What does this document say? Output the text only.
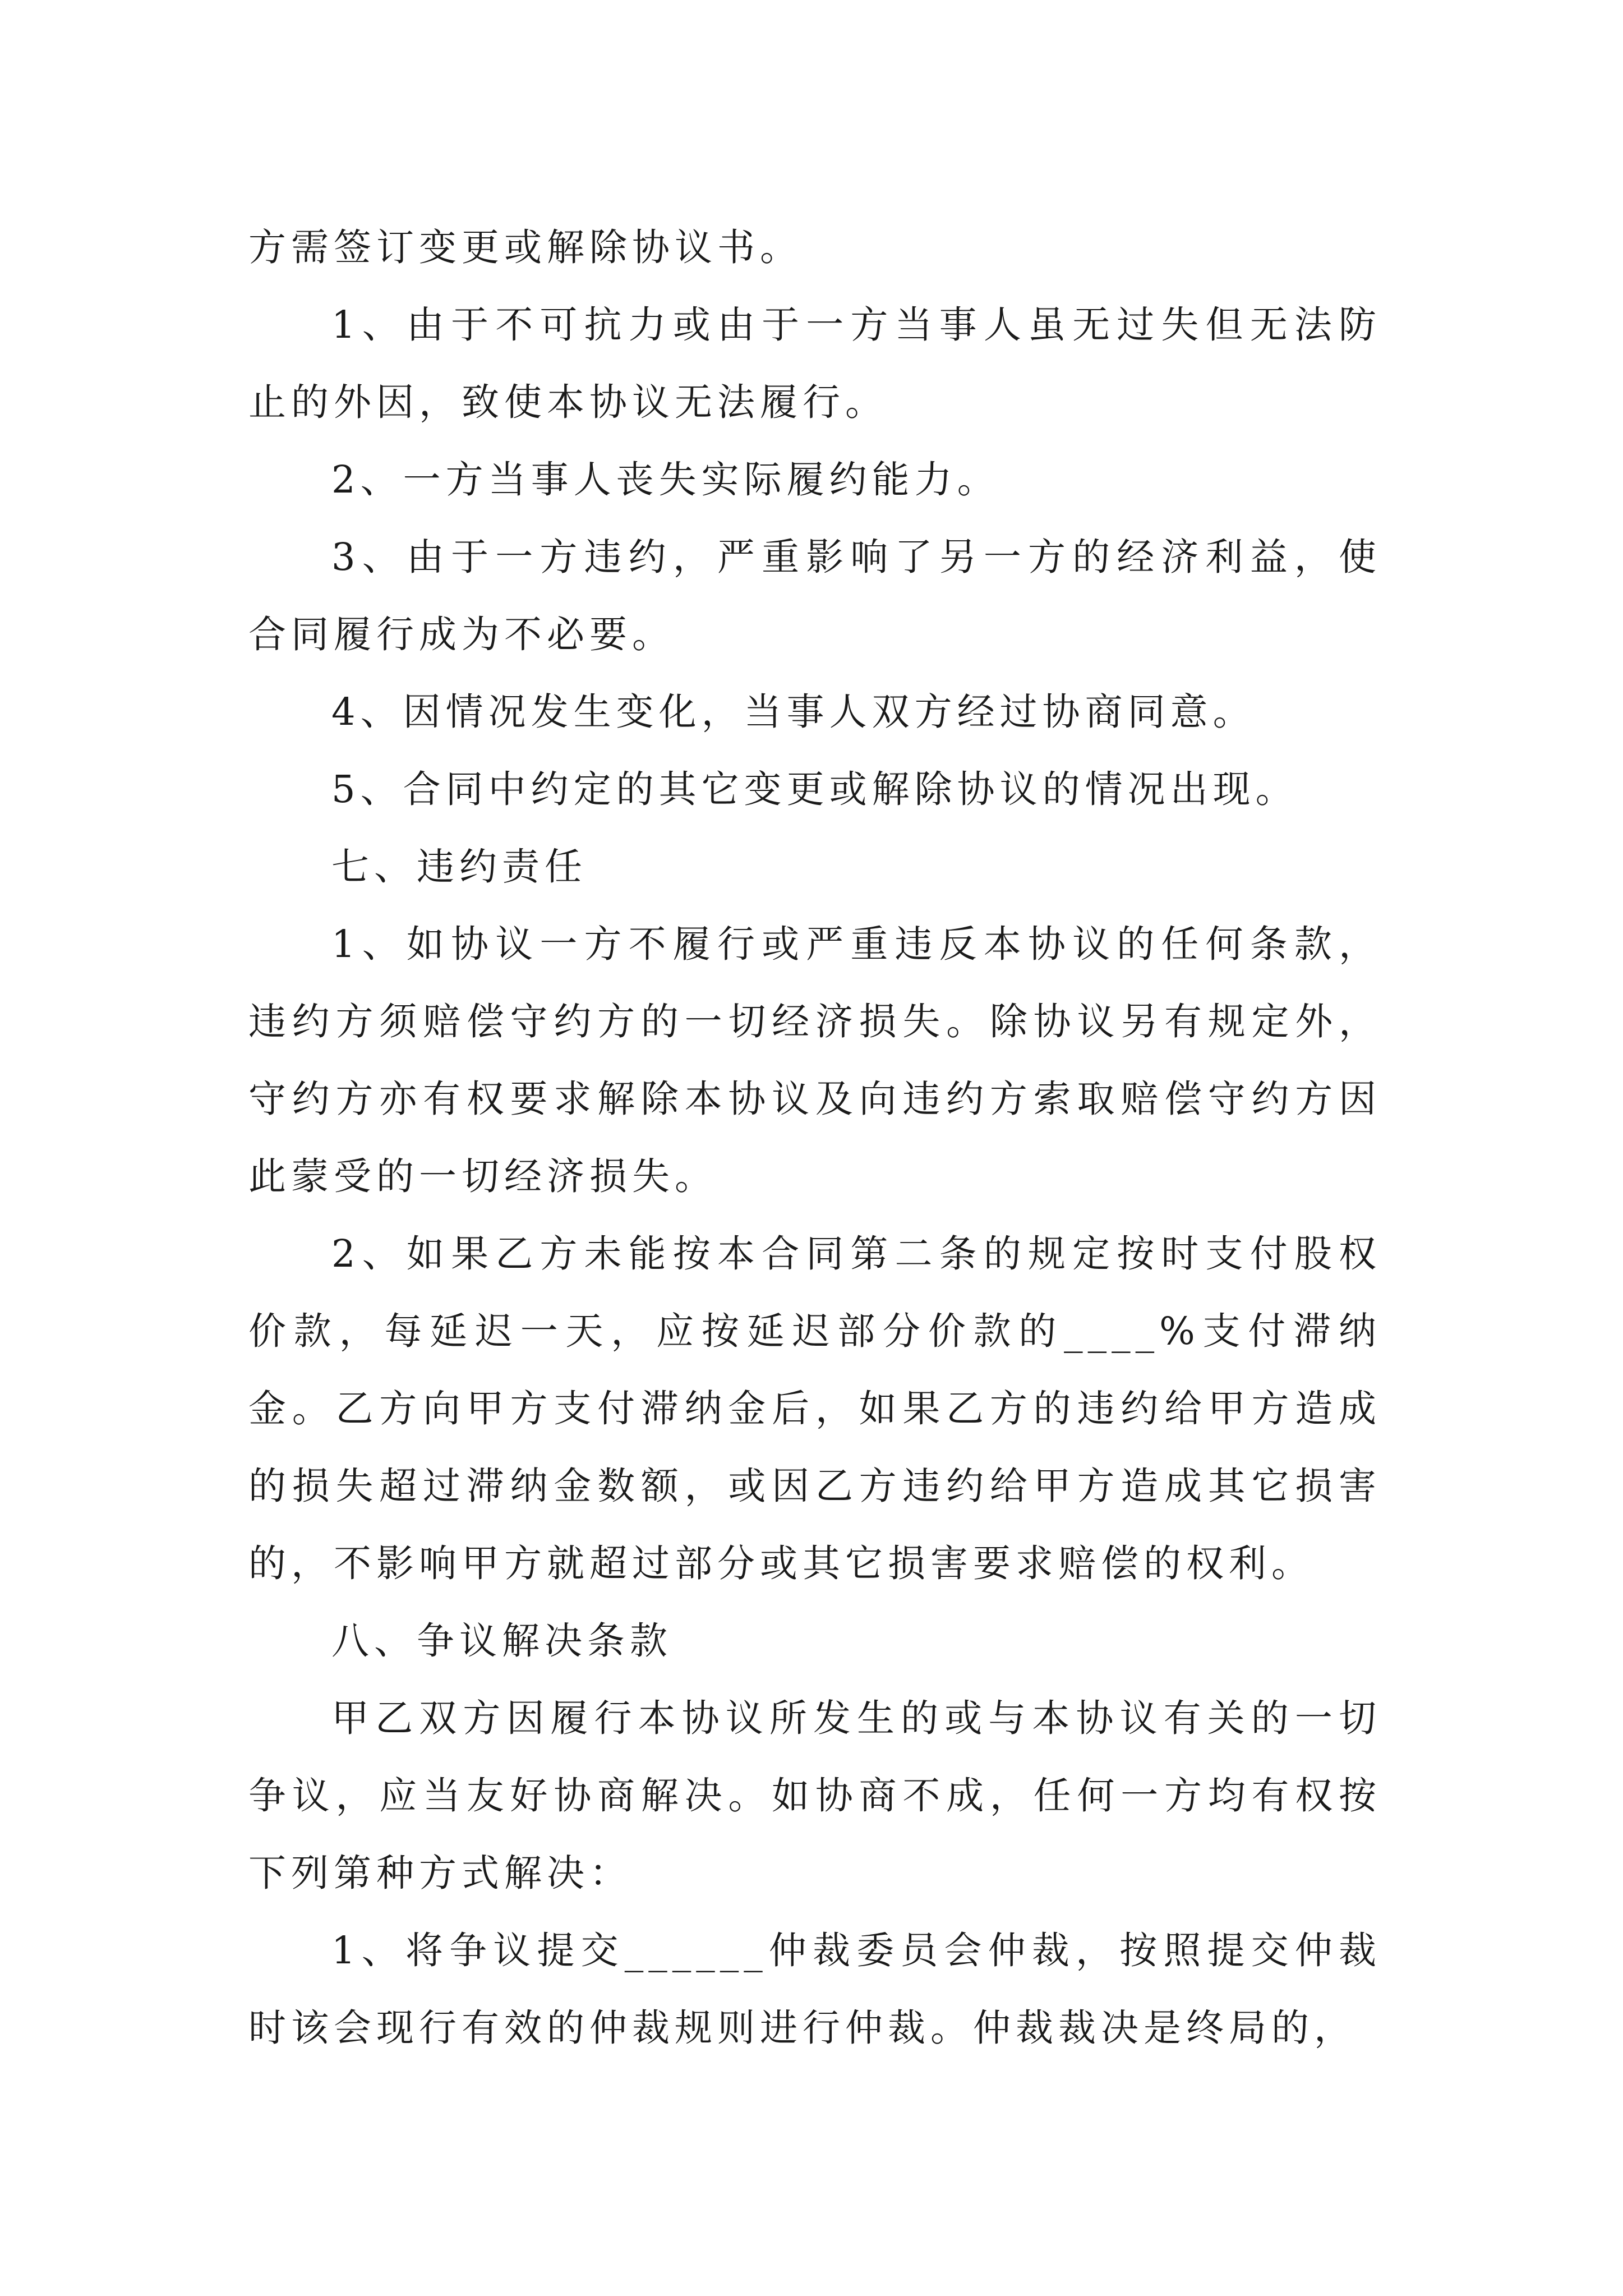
方需签订变更或解除协议书。

1、由于不可抗力或由于一方当事人虽无过失但无法防止的外因，致使本协议无法履行。

2、一方当事人丧失实际履约能力。

3、由于一方违约，严重影响了另一方的经济利益，使合同履行成为不必要。

4、因情况发生变化，当事人双方经过协商同意。

5、合同中约定的其它变更或解除协议的情况出现。

七、违约责任

1、如协议一方不履行或严重违反本协议的任何条款，违约方须赔偿守约方的一切经济损失。除协议另有规定外，守约方亦有权要求解除本协议及向违约方索取赔偿守约方因此蒙受的一切经济损失。

2、如果乙方未能按本合同第二条的规定按时支付股权价款，每延迟一天，应按延迟部分价款的____%支付滞纳金。乙方向甲方支付滞纳金后，如果乙方的违约给甲方造成的损失超过滞纳金数额，或因乙方违约给甲方造成其它损害的，不影响甲方就超过部分或其它损害要求赔偿的权利。

八、争议解决条款

甲乙双方因履行本协议所发生的或与本协议有关的一切争议，应当友好协商解决。如协商不成，任何一方均有权按下列第种方式解决：

1、将争议提交______仲裁委员会仲裁，按照提交仲裁时该会现行有效的仲裁规则进行仲裁。仲裁裁决是终局的，
